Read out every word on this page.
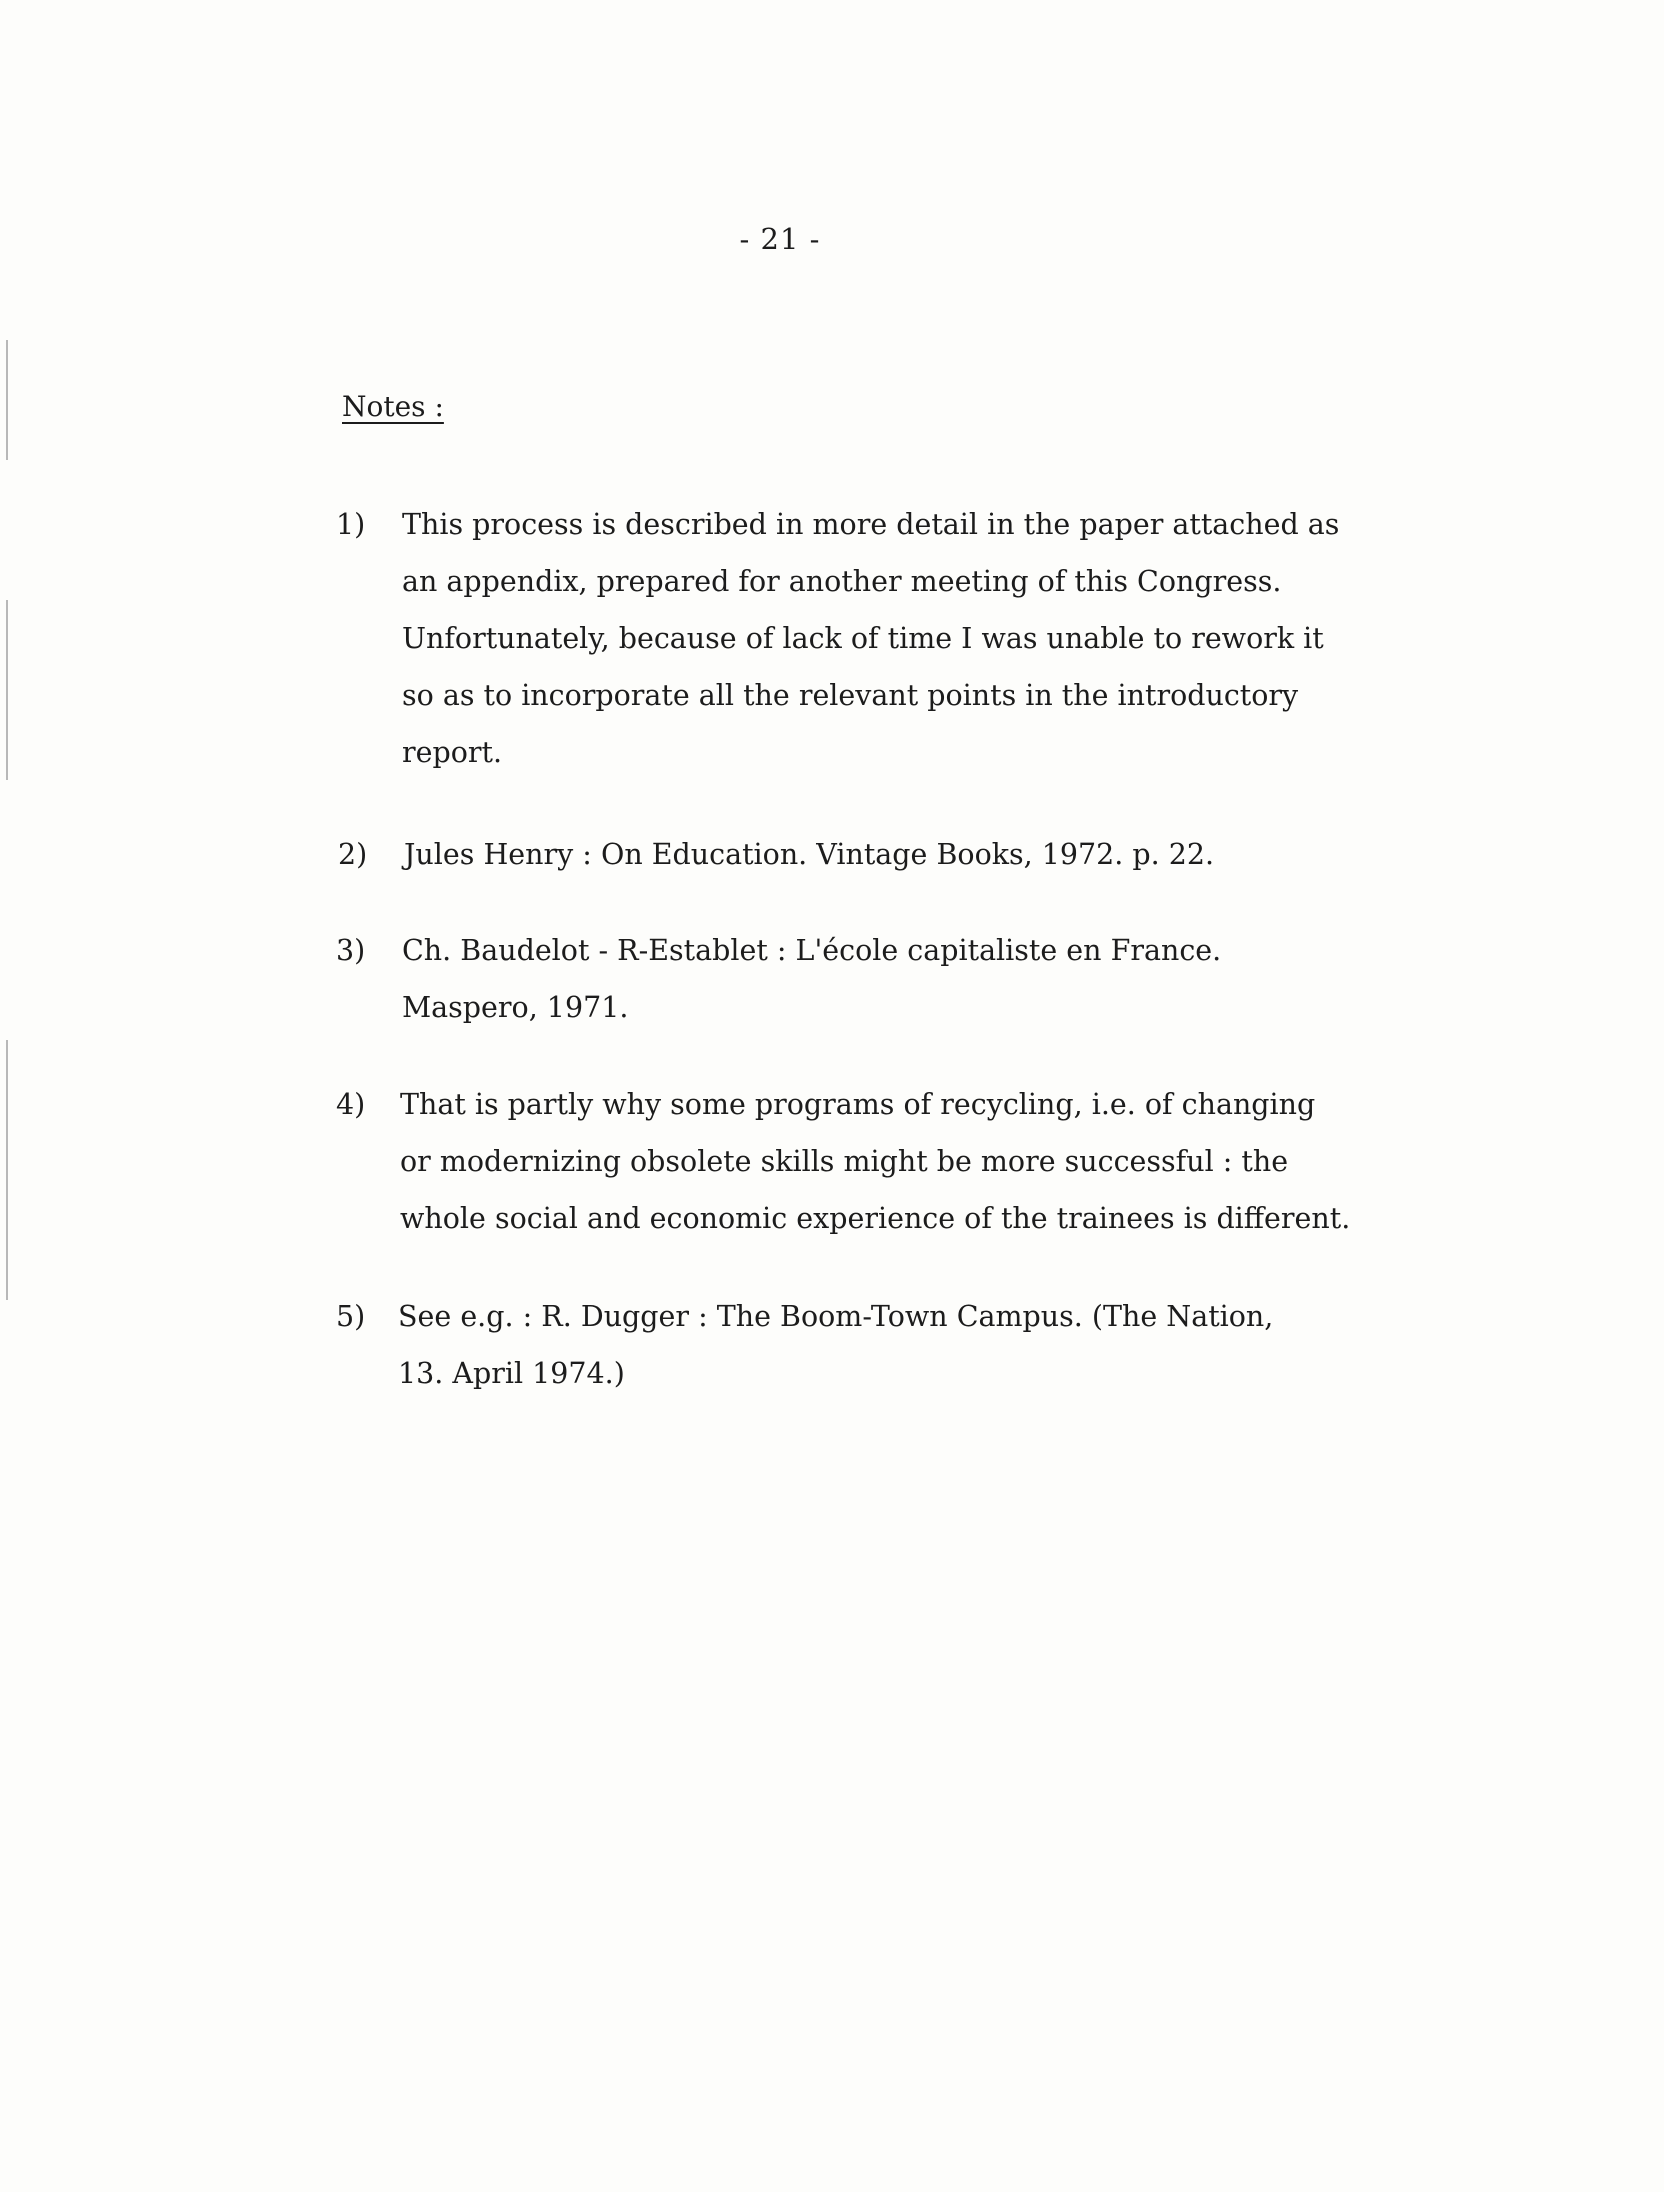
- 21 -
Notes :
1)	This process is described in more detail in the paper attached as
an appendix, prepared for another meeting of this Congress.
Unfortunately, because of lack of time I was unable to rework it
so as to incorporate all the relevant points in the introductory
report.
2)	Jules Henry : On Education. Vintage Books, 1972. p. 22.
3)	Ch. Baudelot - R-Establet : L'école capitaliste en France.
Maspero, 1971.
4)	That is partly why some programs of recycling, i.e. of changing
or modernizing obsolete skills might be more successful : the
whole social and economic experience of the trainees is different.
5)	See e.g. : R. Dugger : The Boom-Town Campus. (The Nation,
13. April 1974.)
